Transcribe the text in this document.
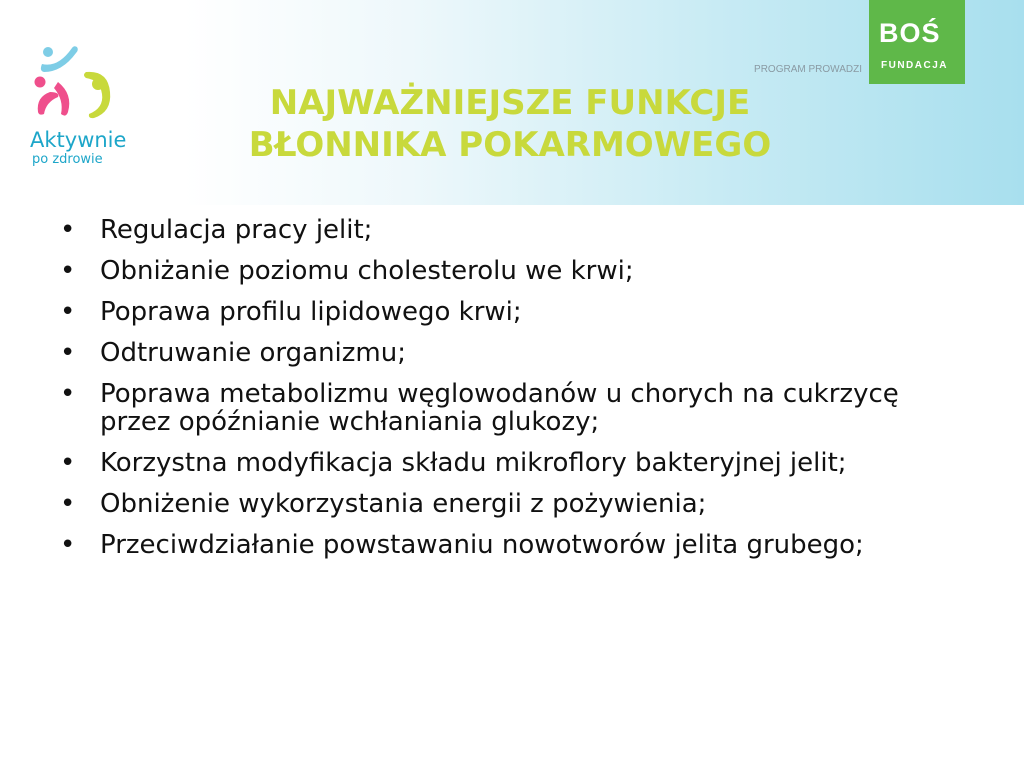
Aktywnie
po zdrowie
PROGRAM PROWADZI
BOŚ
FUNDACJA
NAJWAŻNIEJSZE FUNKCJE
BŁONNIKA POKARMOWEGO
• Regulacja pracy jelit;
• Obniżanie poziomu cholesterolu we krwi;
• Poprawa profilu lipidowego krwi;
• Odtruwanie organizmu;
• Poprawa metabolizmu węglowodanów u chorych na cukrzycę przez opóźnianie wchłaniania glukozy;
• Korzystna modyfikacja składu mikroflory bakteryjnej jelit;
• Obniżenie wykorzystania energii z pożywienia;
• Przeciwdziałanie powstawaniu nowotworów jelita grubego;
